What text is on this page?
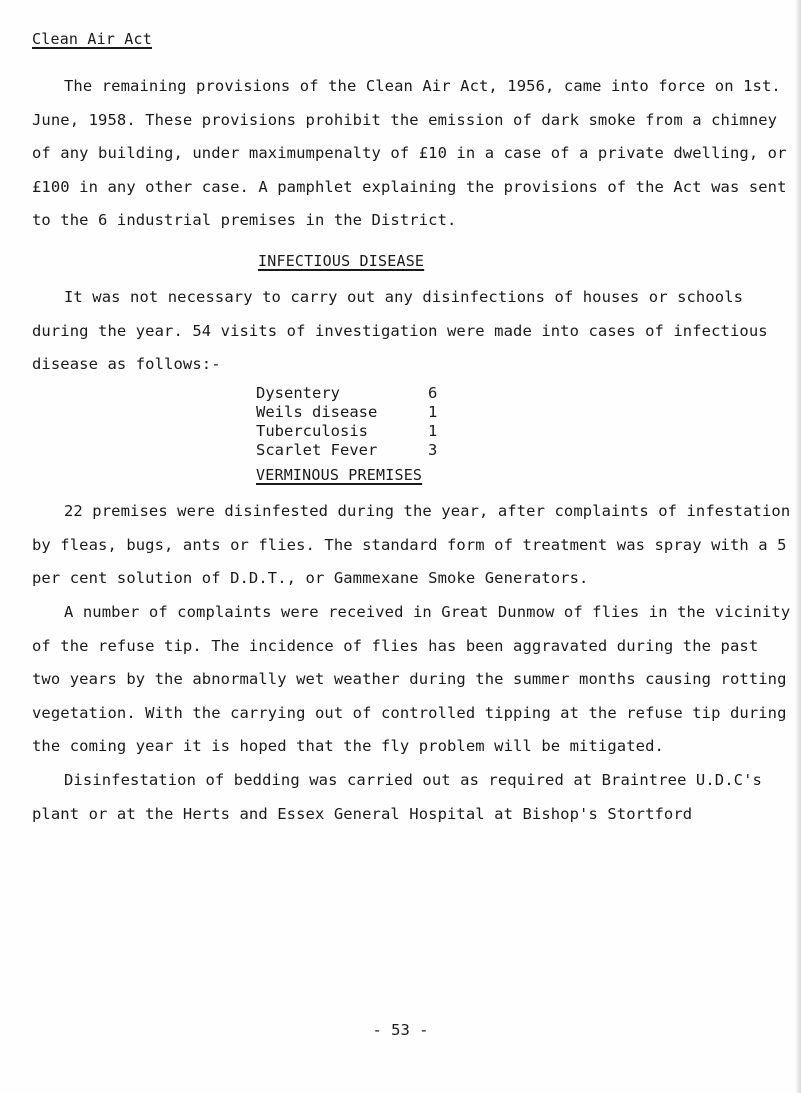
Clean Air Act
The remaining provisions of the Clean Air Act, 1956, came into force on 1st. June, 1958. These provisions prohibit the emission of dark smoke from a chimney of any building, under maximumpenalty of £10 in a case of a private dwelling, or £100 in any other case. A pamphlet explaining the provisions of the Act was sent to the 6 industrial premises in the District.
INFECTIOUS DISEASE
It was not necessary to carry out any disinfections of houses or schools during the year. 54 visits of investigation were made into cases of infectious disease as follows:-
Dysentery	6
Weils disease	1
Tuberculosis	1
Scarlet Fever	3
VERMINOUS PREMISES
22 premises were disinfested during the year, after complaints of infestation by fleas, bugs, ants or flies. The standard form of treatment was spray with a 5 per cent solution of D.D.T., or Gammexane Smoke Generators.
A number of complaints were received in Great Dunmow of flies in the vicinity of the refuse tip. The incidence of flies has been aggravated during the past two years by the abnormally wet weather during the summer months causing rotting vegetation. With the carrying out of controlled tipping at the refuse tip during the coming year it is hoped that the fly problem will be mitigated.
Disinfestation of bedding was carried out as required at Braintree U.D.C's plant or at the Herts and Essex General Hospital at Bishop's Stortford
- 53 -
